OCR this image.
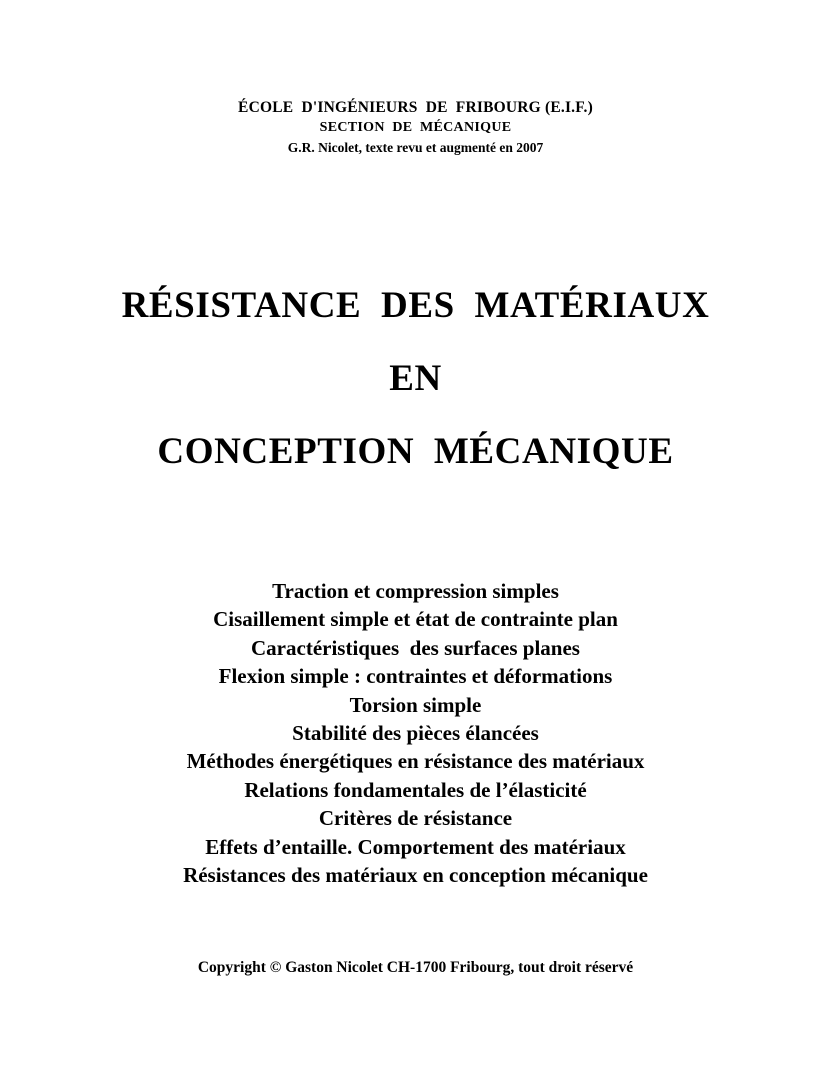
ÉCOLE  D'INGÉNIEURS  DE  FRIBOURG (E.I.F.)
SECTION  DE  MÉCANIQUE
G.R. Nicolet, texte revu et augmenté en 2007
RÉSISTANCE  DES  MATÉRIAUX
EN
CONCEPTION  MÉCANIQUE
Traction et compression simples
Cisaillement simple et état de contrainte plan
Caractéristiques  des surfaces planes
Flexion simple : contraintes et déformations
Torsion simple
Stabilité des pièces élancées
Méthodes énergétiques en résistance des matériaux
Relations fondamentales de l’élasticité
Critères de résistance
Effets d’entaille. Comportement des matériaux
Résistances des matériaux en conception mécanique
Copyright © Gaston Nicolet CH-1700 Fribourg, tout droit réservé
